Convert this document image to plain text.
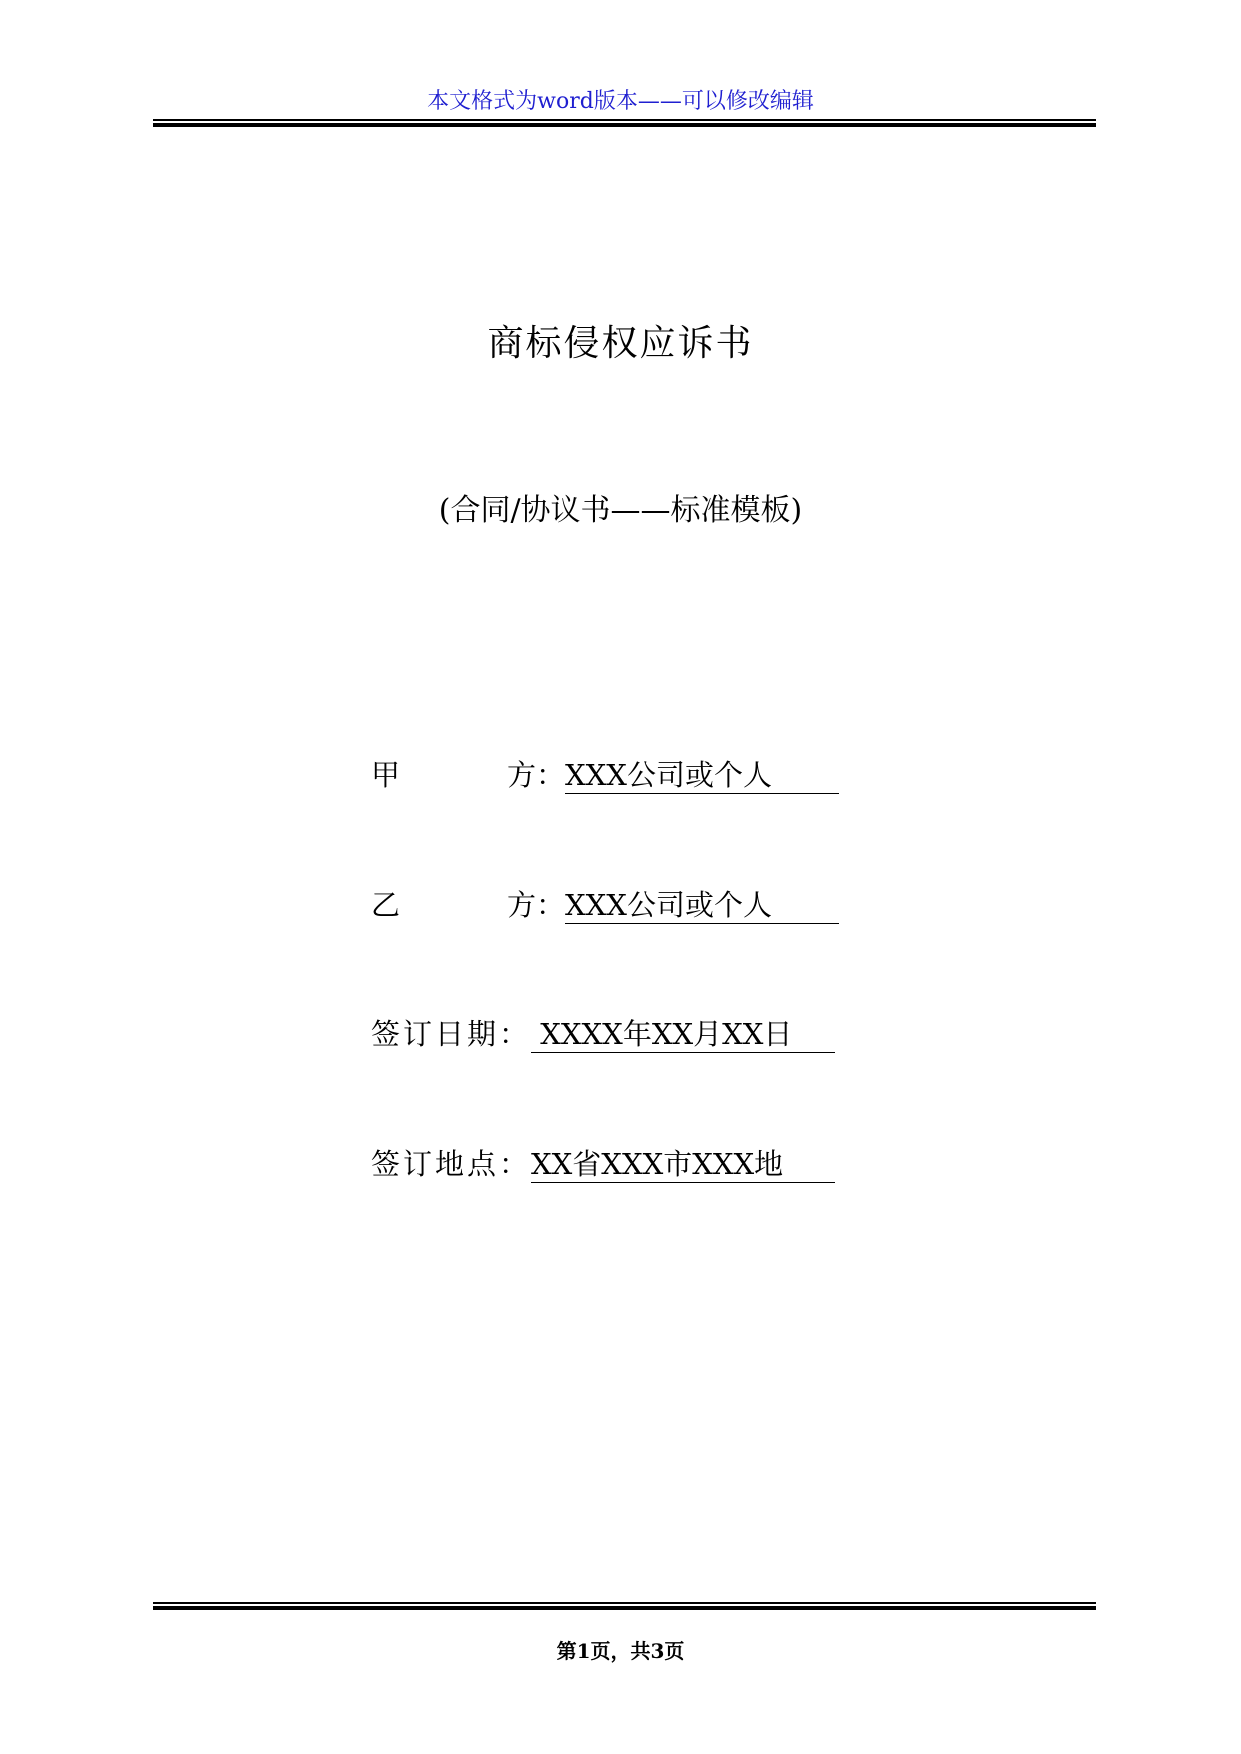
本文格式为word版本——可以修改编辑
商标侵权应诉书
(合同/协议书——标准模板)
甲	方：XXX公司或个人
乙	方：XXX公司或个人
签订日期： XXXX年XX月XX日
签订地点：XX省XXX市XXX地
第1页，共3页
